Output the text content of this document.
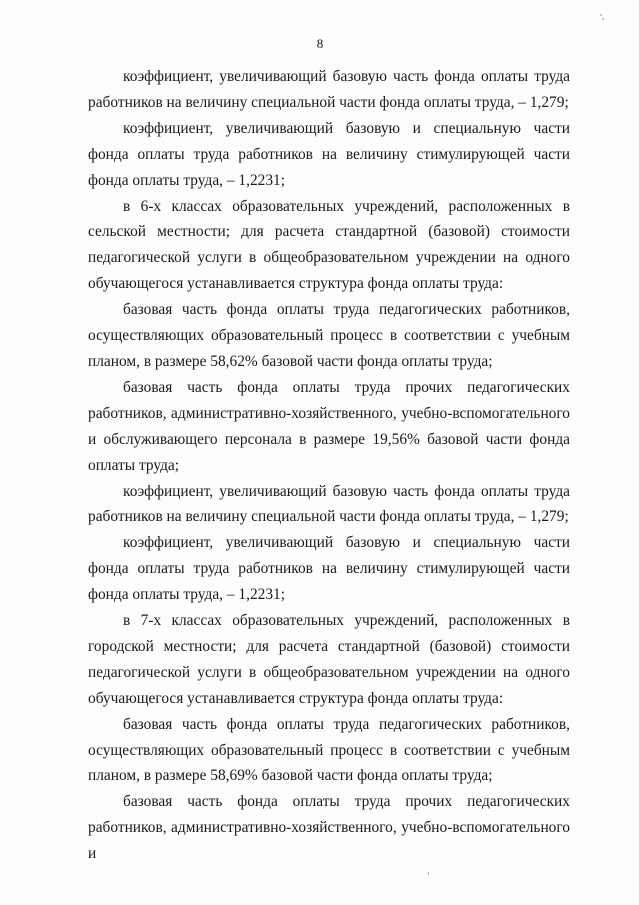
8

коэффициент, увеличивающий базовую часть фонда оплаты труда работников на величину специальной части фонда оплаты труда, – 1,279;

коэффициент, увеличивающий базовую и специальную части фонда оплаты труда работников на величину стимулирующей части фонда оплаты труда, – 1,2231;

в 6-х классах образовательных учреждений, расположенных в сельской местности; для расчета стандартной (базовой) стоимости педагогической услуги в общеобразовательном учреждении на одного обучающегося устанавливается структура фонда оплаты труда:

базовая часть фонда оплаты труда педагогических работников, осуществляющих образовательный процесс в соответствии с учебным планом, в размере 58,62% базовой части фонда оплаты труда;

базовая часть фонда оплаты труда прочих педагогических работников, административно-хозяйственного, учебно-вспомогательного и обслуживающего персонала в размере 19,56% базовой части фонда оплаты труда;

коэффициент, увеличивающий базовую часть фонда оплаты труда работников на величину специальной части фонда оплаты труда, – 1,279;

коэффициент, увеличивающий базовую и специальную части фонда оплаты труда работников на величину стимулирующей части фонда оплаты труда, – 1,2231;

в 7-х классах образовательных учреждений, расположенных в городской местности; для расчета стандартной (базовой) стоимости педагогической услуги в общеобразовательном учреждении на одного обучающегося устанавливается структура фонда оплаты труда:

базовая часть фонда оплаты труда педагогических работников, осуществляющих образовательный процесс в соответствии с учебным планом, в размере 58,69% базовой части фонда оплаты труда;

базовая часть фонда оплаты труда прочих педагогических работников, административно-хозяйственного, учебно-вспомогательного и
